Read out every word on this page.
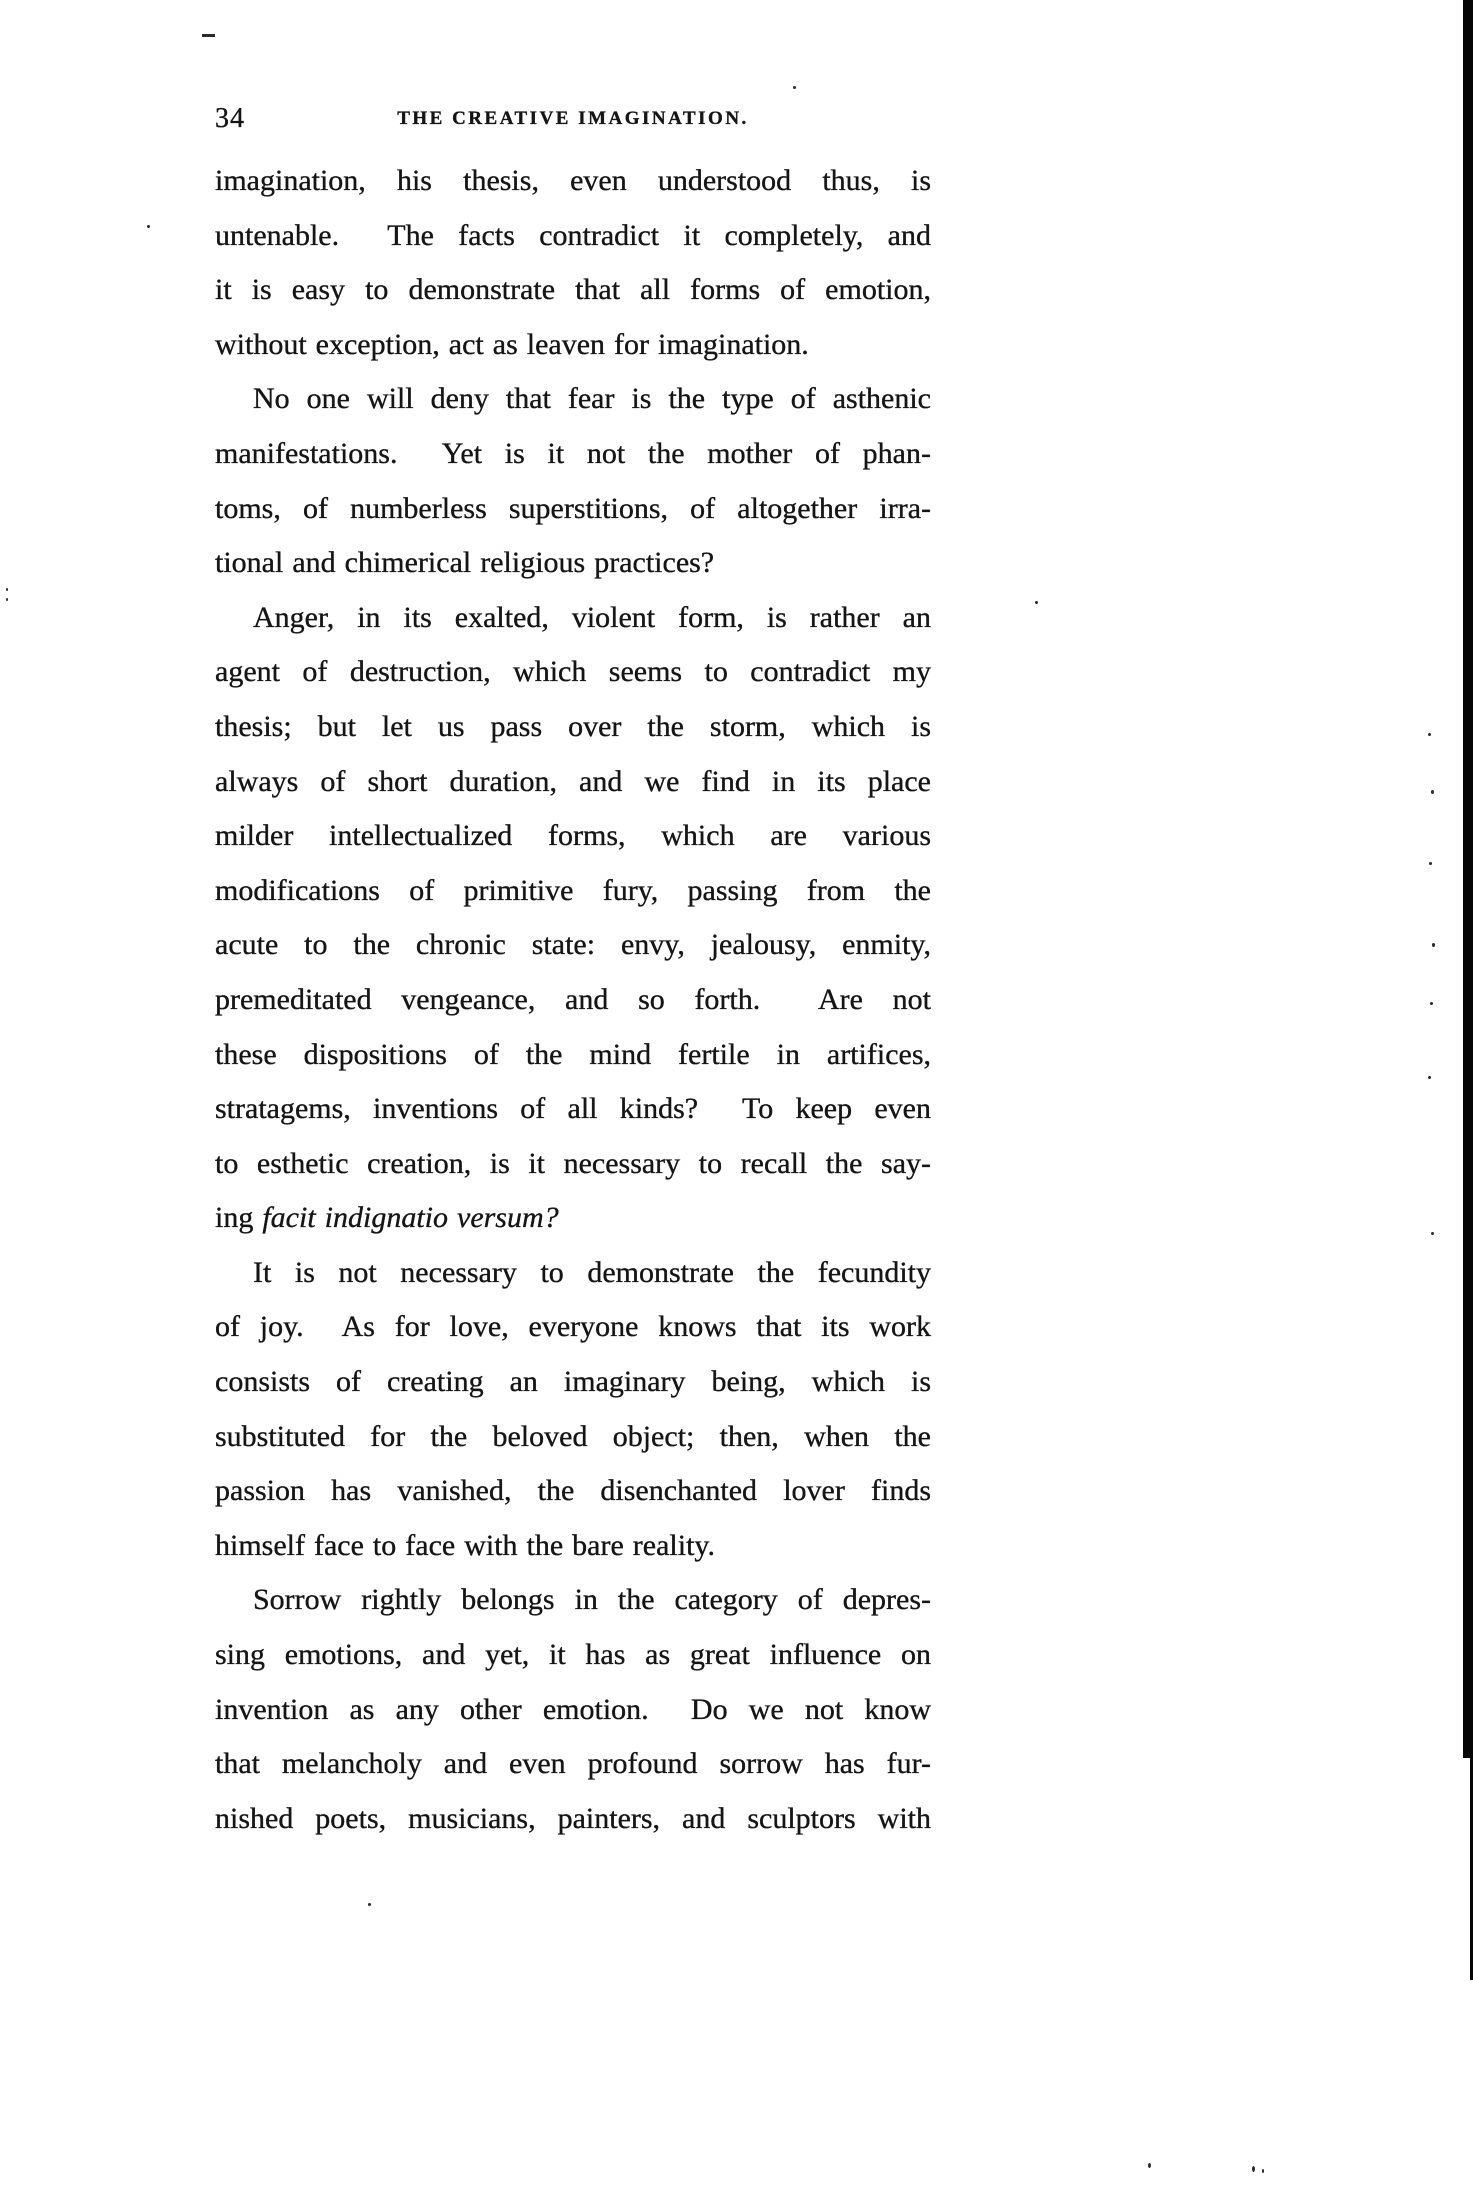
34	THE CREATIVE IMAGINATION.
imagination, his thesis, even understood thus, is
untenable.  The facts contradict it completely, and
it is easy to demonstrate that all forms of emotion,
without exception, act as leaven for imagination.
No one will deny that fear is the type of asthenic
manifestations.  Yet is it not the mother of phan-
toms, of numberless superstitions, of altogether irra-
tional and chimerical religious practices?
Anger, in its exalted, violent form, is rather an
agent of destruction, which seems to contradict my
thesis; but let us pass over the storm, which is
always of short duration, and we find in its place
milder intellectualized forms, which are various
modifications of primitive fury, passing from the
acute to the chronic state: envy, jealousy, enmity,
premeditated vengeance, and so forth.  Are not
these dispositions of the mind fertile in artifices,
stratagems, inventions of all kinds?  To keep even
to esthetic creation, is it necessary to recall the say-
ing facit indignatio versum?
It is not necessary to demonstrate the fecundity
of joy.  As for love, everyone knows that its work
consists of creating an imaginary being, which is
substituted for the beloved object; then, when the
passion has vanished, the disenchanted lover finds
himself face to face with the bare reality.
Sorrow rightly belongs in the category of depres-
sing emotions, and yet, it has as great influence on
invention as any other emotion.  Do we not know
that melancholy and even profound sorrow has fur-
nished poets, musicians, painters, and sculptors with
